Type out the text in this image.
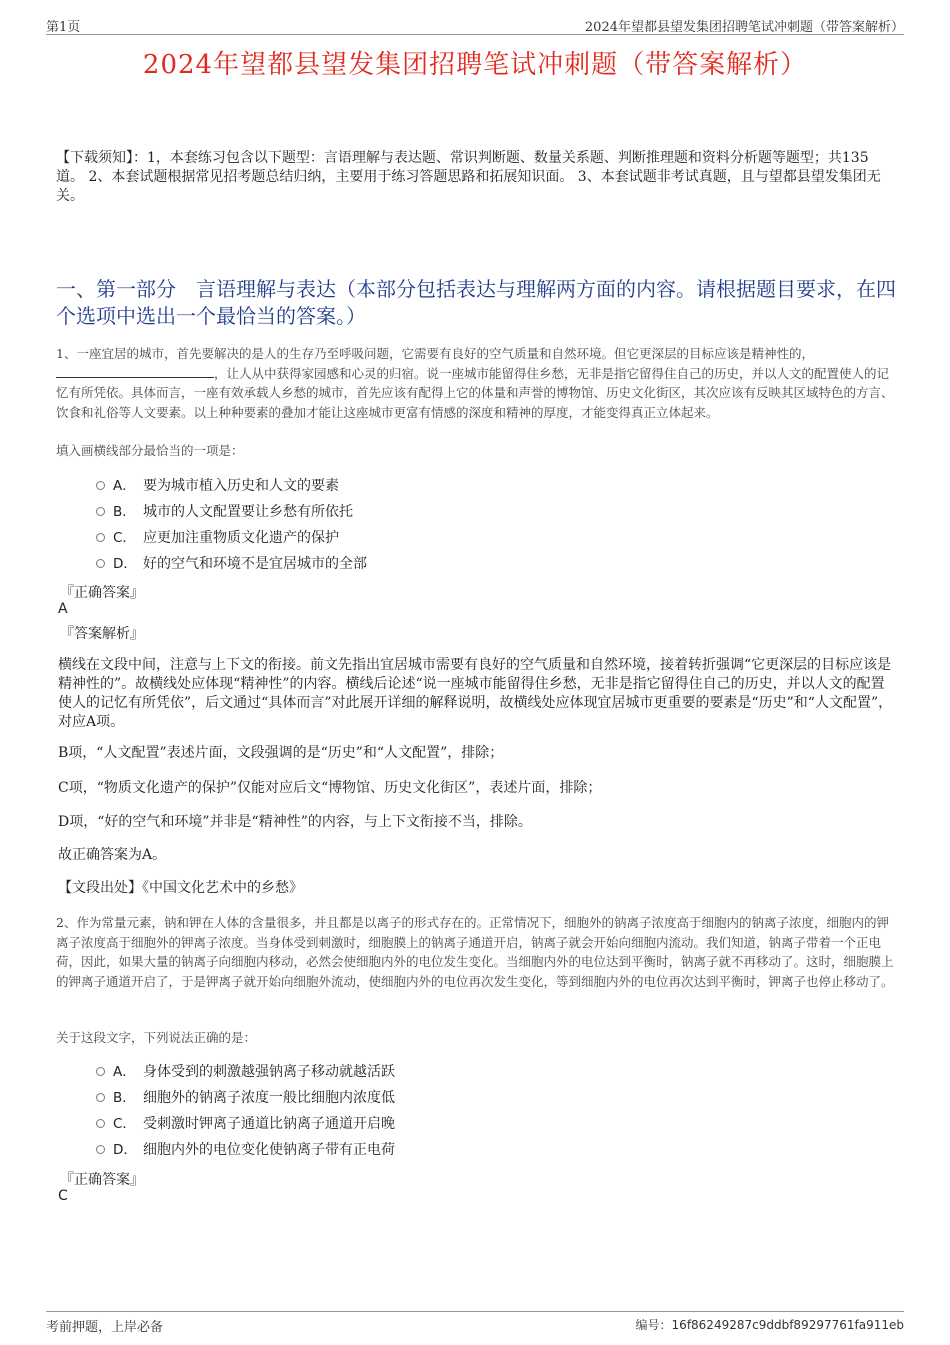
第1页	2024年望都县望发集团招聘笔试冲刺题（带答案解析）
2024年望都县望发集团招聘笔试冲刺题（带答案解析）
【下载须知】：1，本套练习包含以下题型：言语理解与表达题、常识判断题、数量关系题、判断推理题和资料分析题等题型；共135道。 2、本套试题根据常见招考题总结归纳，主要用于练习答题思路和拓展知识面。 3、本套试题非考试真题，且与望都县望发集团无关。
一、第一部分　言语理解与表达（本部分包括表达与理解两方面的内容。请根据题目要求，在四个选项中选出一个最恰当的答案。）
1、一座宜居的城市，首先要解决的是人的生存乃至呼吸问题，它需要有良好的空气质量和自然环境。但它更深层的目标应该是精神性的，
，让人从中获得家园感和心灵的归宿。说一座城市能留得住乡愁，无非是指它留得住自己的历史，并以人文的配置使人的记忆有所凭依。具体而言，一座有效承载人乡愁的城市，首先应该有配得上它的体量和声誉的博物馆、历史文化街区，其次应该有反映其区域特色的方言、饮食和礼俗等人文要素。以上种种要素的叠加才能让这座城市更富有情感的深度和精神的厚度，才能变得真正立体起来。
填入画横线部分最恰当的一项是：
A． 要为城市植入历史和人文的要素
B． 城市的人文配置要让乡愁有所依托
C． 应更加注重物质文化遗产的保护
D． 好的空气和环境不是宜居城市的全部
『正确答案』
A
『答案解析』
横线在文段中间，注意与上下文的衔接。前文先指出宜居城市需要有良好的空气质量和自然环境，接着转折强调“它更深层的目标应该是精神性的”。故横线处应体现“精神性”的内容。横线后论述“说一座城市能留得住乡愁，无非是指它留得住自己的历史，并以人文的配置使人的记忆有所凭依”，后文通过“具体而言”对此展开详细的解释说明，故横线处应体现宜居城市更重要的要素是“历史”和“人文配置”，对应A项。
B项，“人文配置”表述片面，文段强调的是“历史”和“人文配置”，排除；
C项，“物质文化遗产的保护”仅能对应后文“博物馆、历史文化街区”，表述片面，排除；
D项，“好的空气和环境”并非是“精神性”的内容，与上下文衔接不当，排除。
故正确答案为A。
【文段出处】《中国文化艺术中的乡愁》
2、作为常量元素，钠和钾在人体的含量很多，并且都是以离子的形式存在的。正常情况下，细胞外的钠离子浓度高于细胞内的钠离子浓度，细胞内的钾离子浓度高于细胞外的钾离子浓度。当身体受到刺激时，细胞膜上的钠离子通道开启，钠离子就会开始向细胞内流动。我们知道，钠离子带着一个正电荷，因此，如果大量的钠离子向细胞内移动，必然会使细胞内外的电位发生变化。当细胞内外的电位达到平衡时，钠离子就不再移动了。这时，细胞膜上的钾离子通道开启了，于是钾离子就开始向细胞外流动，使细胞内外的电位再次发生变化，等到细胞内外的电位再次达到平衡时，钾离子也停止移动了。
关于这段文字，下列说法正确的是：
A． 身体受到的刺激越强钠离子移动就越活跃
B． 细胞外的钠离子浓度一般比细胞内浓度低
C． 受刺激时钾离子通道比钠离子通道开启晚
D． 细胞内外的电位变化使钠离子带有正电荷
『正确答案』
C
考前押题，上岸必备	编号：16f86249287c9ddbf89297761fa911eb
